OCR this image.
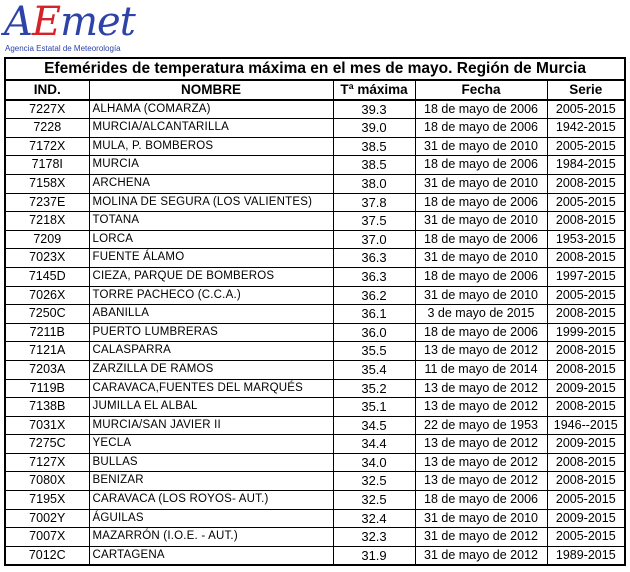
AEmet
Agencia Estatal de Meteorología
Efemérides de temperatura máxima en el mes de mayo. Región de Murcia				
IND.	NOMBRE	Tª máxima	Fecha	Serie
7227X	ALHAMA (COMARZA)	39.3	18 de mayo de 2006	2005-2015
7228	MURCIA/ALCANTARILLA	39.0	18 de mayo de 2006	1942-2015
7172X	MULA, P. BOMBEROS	38.5	31 de mayo de 2010	2005-2015
7178I	MURCIA	38.5	18 de mayo de 2006	1984-2015
7158X	ARCHENA	38.0	31 de mayo de 2010	2008-2015
7237E	MOLINA DE SEGURA (LOS VALIENTES)	37.8	18 de mayo de 2006	2005-2015
7218X	TOTANA	37.5	31 de mayo de 2010	2008-2015
7209	LORCA	37.0	18 de mayo de 2006	1953-2015
7023X	FUENTE ÁLAMO	36.3	31 de mayo de 2010	2008-2015
7145D	CIEZA, PARQUE DE BOMBEROS	36.3	18 de mayo de 2006	1997-2015
7026X	TORRE PACHECO (C.C.A.)	36.2	31 de mayo de 2010	2005-2015
7250C	ABANILLA	36.1	3 de mayo de 2015	2008-2015
7211B	PUERTO LUMBRERAS	36.0	18 de mayo de 2006	1999-2015
7121A	CALASPARRA	35.5	13 de mayo de 2012	2008-2015
7203A	ZARZILLA DE RAMOS	35.4	11 de mayo de 2014	2008-2015
7119B	CARAVACA,FUENTES DEL MARQUÉS	35.2	13 de mayo de 2012	2009-2015
7138B	JUMILLA EL ALBAL	35.1	13 de mayo de 2012	2008-2015
7031X	MURCIA/SAN JAVIER II	34.5	22 de mayo de 1953	1946--2015
7275C	YECLA	34.4	13 de mayo de 2012	2009-2015
7127X	BULLAS	34.0	13 de mayo de 2012	2008-2015
7080X	BENIZAR	32.5	13 de mayo de 2012	2008-2015
7195X	CARAVACA (LOS ROYOS- AUT.)	32.5	18 de mayo de 2006	2005-2015
7002Y	ÁGUILAS	32.4	31 de mayo de 2010	2009-2015
7007X	MAZARRÓN (I.O.E. - AUT.)	32.3	31 de mayo de 2012	2005-2015
7012C	CARTAGENA	31.9	31 de mayo de 2012	1989-2015
